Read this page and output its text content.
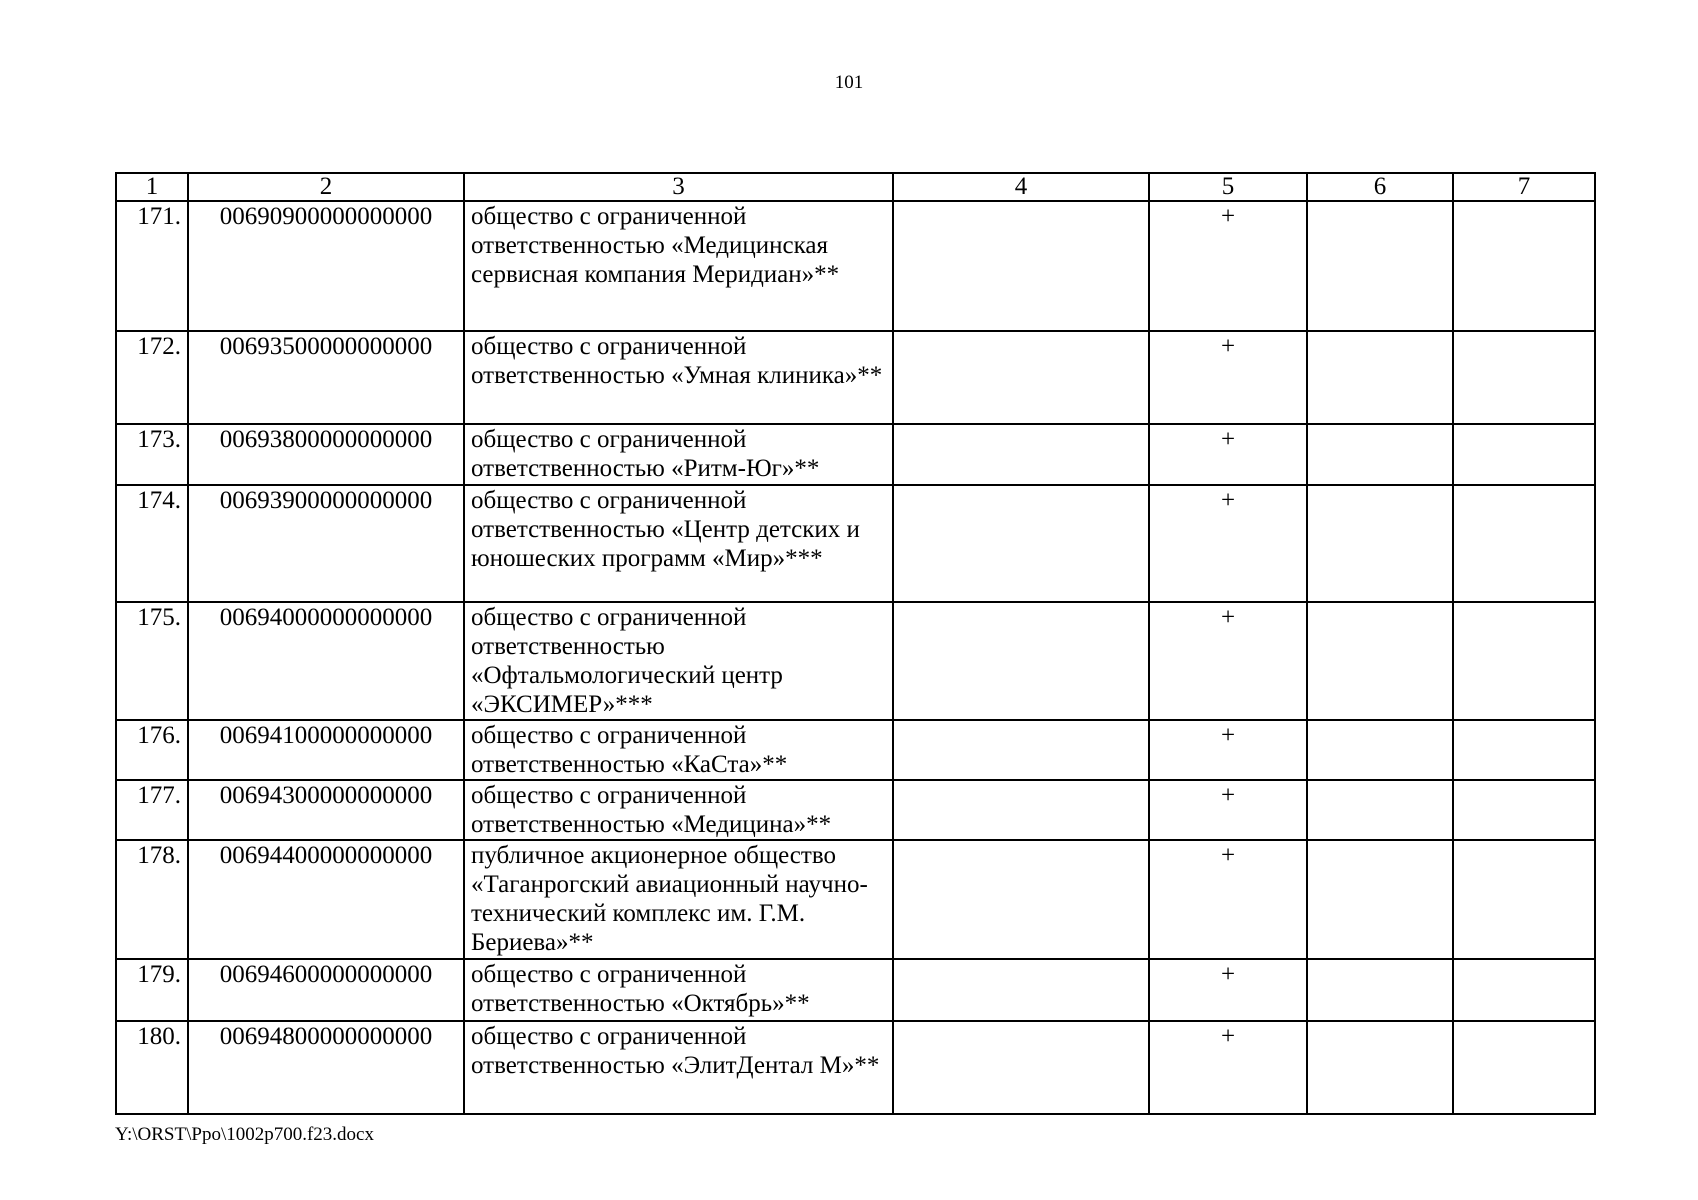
101
1	2	3	4	5	6	7
171.	00690900000000000	общество с ограниченной ответственностью «Медицинская сервисная компания Меридиан»**		+		
172.	00693500000000000	общество с ограниченной ответственностью «Умная клиника»**		+		
173.	00693800000000000	общество с ограниченной ответственностью «Ритм-Юг»**		+		
174.	00693900000000000	общество с ограниченной ответственностью «Центр детских и юношеских программ «Мир»***		+		
175.	00694000000000000	общество с ограниченной ответственностью «Офтальмологический центр «ЭКСИМЕР»***		+		
176.	00694100000000000	общество с ограниченной ответственностью «КаСта»**		+		
177.	00694300000000000	общество с ограниченной ответственностью «Медицина»**		+		
178.	00694400000000000	публичное акционерное общество «Таганрогский авиационный научно-технический комплекс им. Г.М. Бериева»**		+		
179.	00694600000000000	общество с ограниченной ответственностью «Октябрь»**		+		
180.	00694800000000000	общество с ограниченной ответственностью «ЭлитДентал М»**		+		
Y:\ORST\Ppo\1002p700.f23.docx
